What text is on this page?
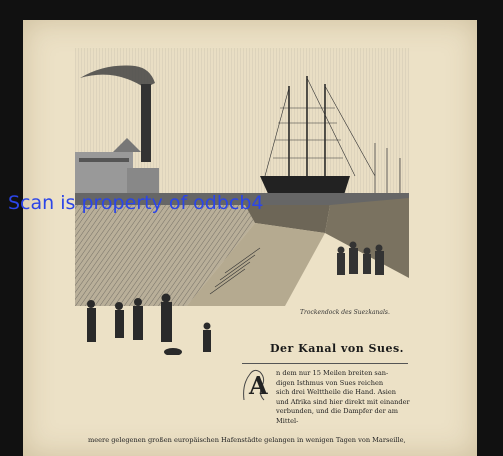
Trockendock des Suezkanals.
Der Kanal von Sues.
A n dem nur 15 Meilen breiten san-
digen Isthmus von Sues reichen
sich drei Welttheile die Hand. Asien
und Afrika sind hier direkt mit einander
verbunden, und die Dampfer der am Mittel-
meere gelegenen großen europäischen Hafenstädte gelangen in wenigen Tagen von Marseille,
Scan is property of odbcb4
